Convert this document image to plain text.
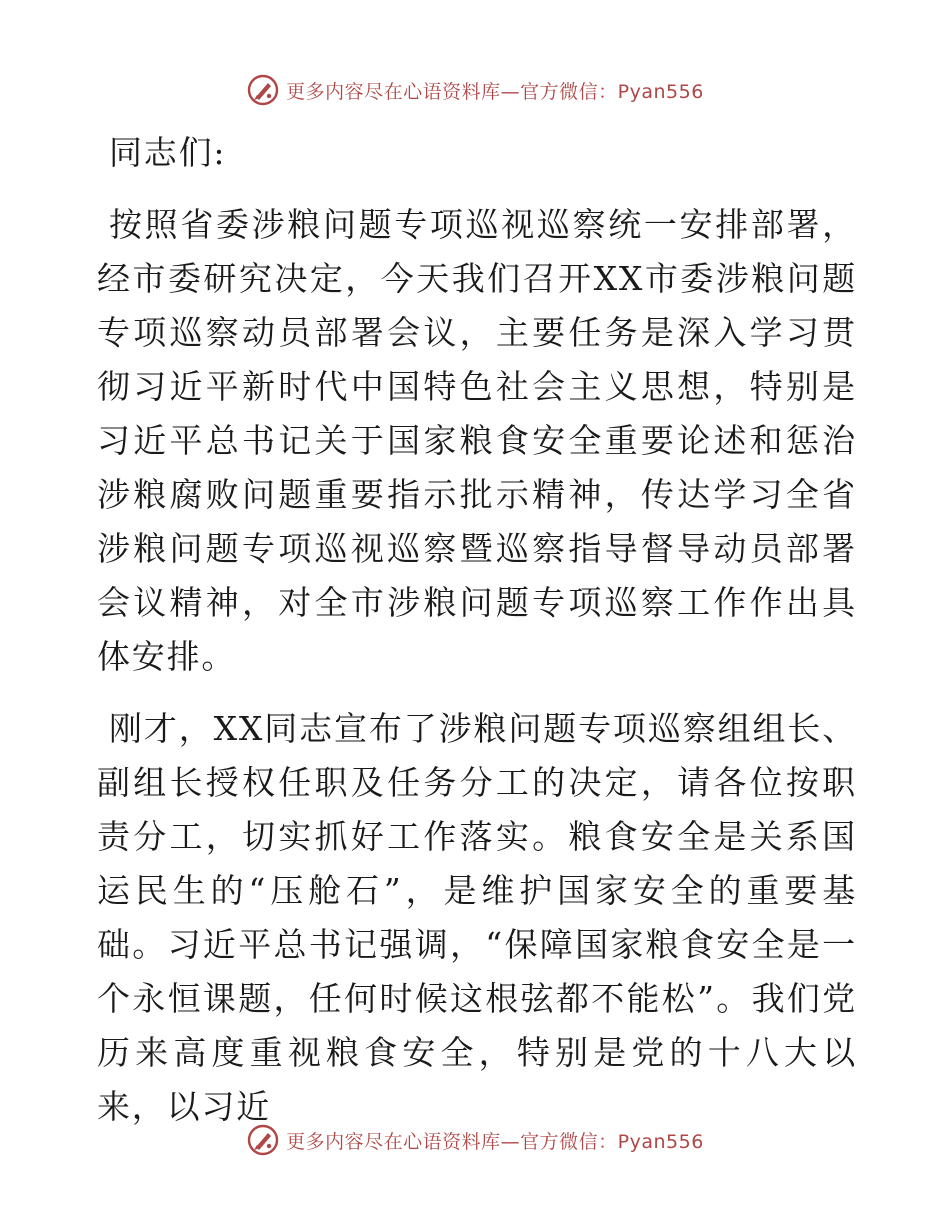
更多内容尽在心语资料库—官方微信：Pyan556

同志们:

按照省委涉粮问题专项巡视巡察统一安排部署，经市委研究决定，今天我们召开XX市委涉粮问题专项巡察动员部署会议，主要任务是深入学习贯彻习近平新时代中国特色社会主义思想，特别是习近平总书记关于国家粮食安全重要论述和惩治涉粮腐败问题重要指示批示精神，传达学习全省涉粮问题专项巡视巡察暨巡察指导督导动员部署会议精神，对全市涉粮问题专项巡察工作作出具体安排。

刚才，XX同志宣布了涉粮问题专项巡察组组长、副组长授权任职及任务分工的决定，请各位按职责分工，切实抓好工作落实。粮食安全是关系国运民生的“压舱石”，是维护国家安全的重要基础。习近平总书记强调，“保障国家粮食安全是一个永恒课题，任何时候这根弦都不能松”。我们党历来高度重视粮食安全，特别是党的十八大以来，以习近

更多内容尽在心语资料库—官方微信：Pyan556
